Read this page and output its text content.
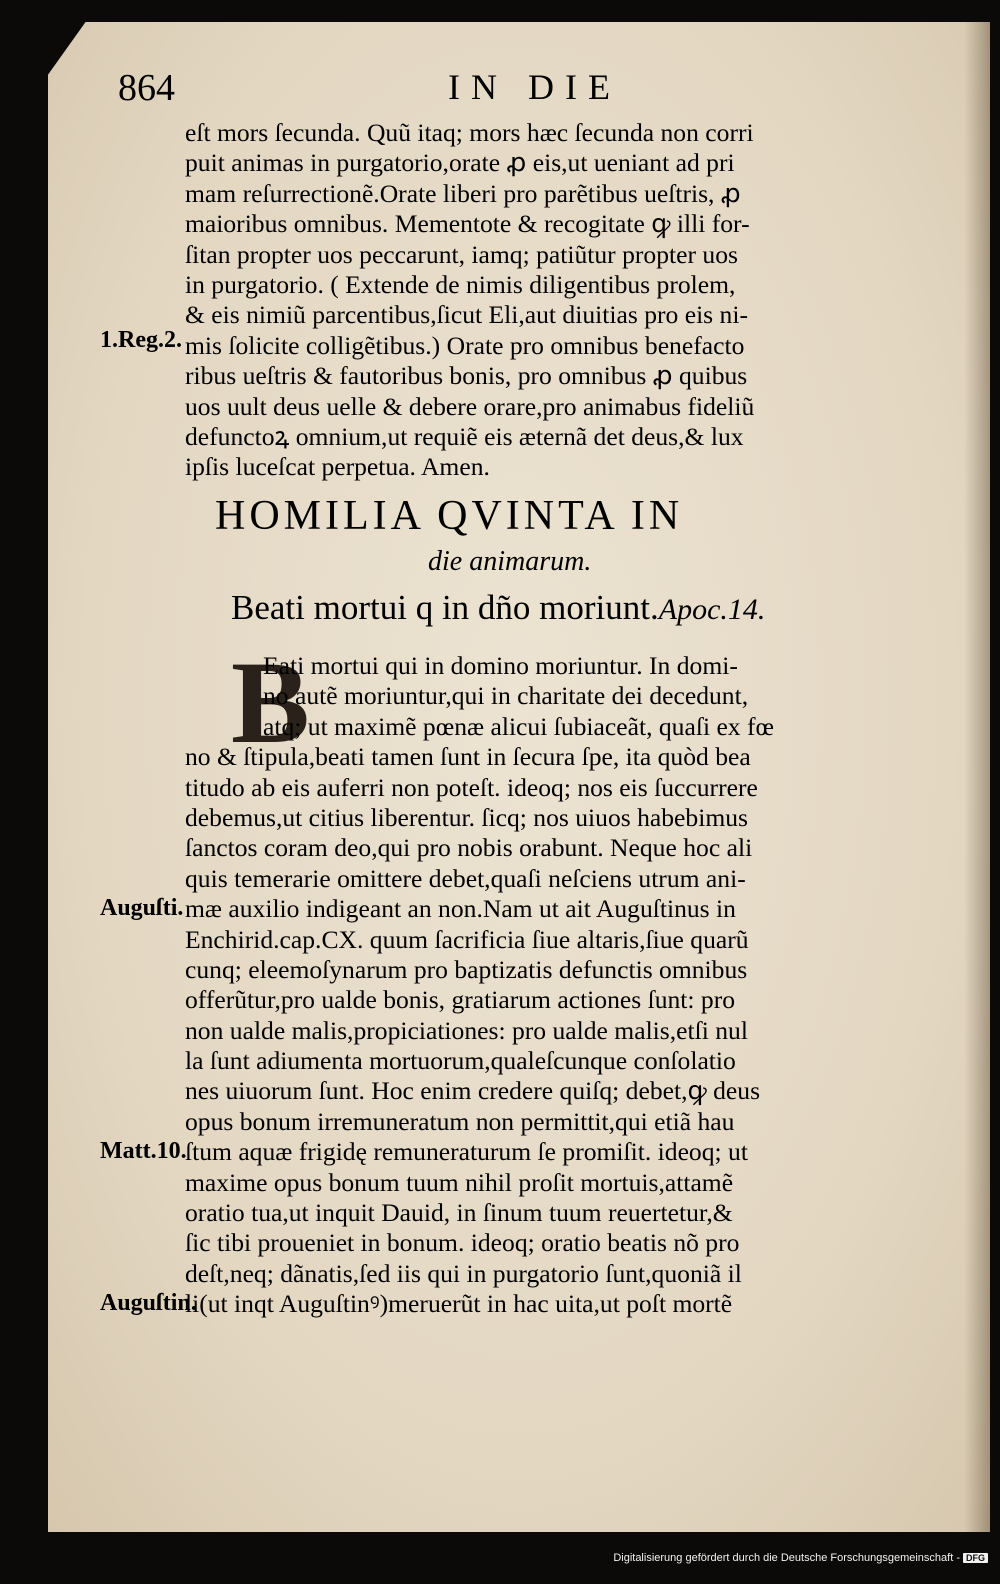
864	IN DIE
eſt mors ſecunda. Quũ itaq; mors hæc ſecunda non corri
puit animas in purgatorio,orate ꝓ eis,ut ueniant ad pri
mam reſurrectionẽ.Orate liberi pro parẽtibus ueſtris, ꝓ
maioribus omnibus. Mementote & recogitate ꝙ illi for-
ſitan propter uos peccarunt, iamq; patiũtur propter uos
in purgatorio. ( Extende de nimis diligentibus prolem,
& eis nimiũ parcentibus,ſicut Eli,aut diuitias pro eis ni-
mis ſolicite colligẽtibus.) Orate pro omnibus benefacto
ribus ueſtris & fautoribus bonis, pro omnibus ꝓ quibus
uos uult deus uelle & debere orare,pro animabus fideliũ
defunctoꝝ omnium,ut requiẽ eis æternã det deus,& lux
ipſis luceſcat perpetua. Amen.
1.Reg.2.
HOMILIA QVINTA IN
die animarum.
Beati mortui q in dño moriunt.Apoc.14.
B
Eati mortui qui in domino moriuntur. In domi-
no autẽ moriuntur,qui in charitate dei decedunt,
atq; ut maximẽ pœnæ alicui ſubiaceãt, quaſi ex fœ
no & ſtipula,beati tamen ſunt in ſecura ſpe, ita quòd bea
titudo ab eis auferri non poteſt. ideoq; nos eis ſuccurrere
debemus,ut citius liberentur. ſicq; nos uiuos habebimus
ſanctos coram deo,qui pro nobis orabunt. Neque hoc ali
quis temerarie omittere debet,quaſi neſciens utrum ani-
mæ auxilio indigeant an non.Nam ut ait Auguſtinus in
Enchirid.cap.CX. quum ſacrificia ſiue altaris,ſiue quarũ
cunq; eleemoſynarum pro baptizatis defunctis omnibus
offerũtur,pro ualde bonis, gratiarum actiones ſunt: pro
non ualde malis,propiciationes: pro ualde malis,etſi nul
la ſunt adiumenta mortuorum,qualeſcunque conſolatio
nes uiuorum ſunt. Hoc enim credere quiſq; debet,ꝙ deus
opus bonum irremuneratum non permittit,qui etiã hau
ſtum aquæ frigidę remuneraturum ſe promiſit. ideoq; ut
maxime opus bonum tuum nihil proſit mortuis,attamẽ
oratio tua,ut inquit Dauid, in ſinum tuum reuertetur,&
ſic tibi proueniet in bonum. ideoq; oratio beatis nõ pro
deſt,neq; dãnatis,ſed iis qui in purgatorio ſunt,quoniã il
li(ut inqt Auguſtinꝰ)meruerũt in hac uita,ut poſt mortẽ
Auguſti.
Matt.10.
Auguſtin.
Digitalisierung gefördert durch die Deutsche Forschungsgemeinschaft - DFG
